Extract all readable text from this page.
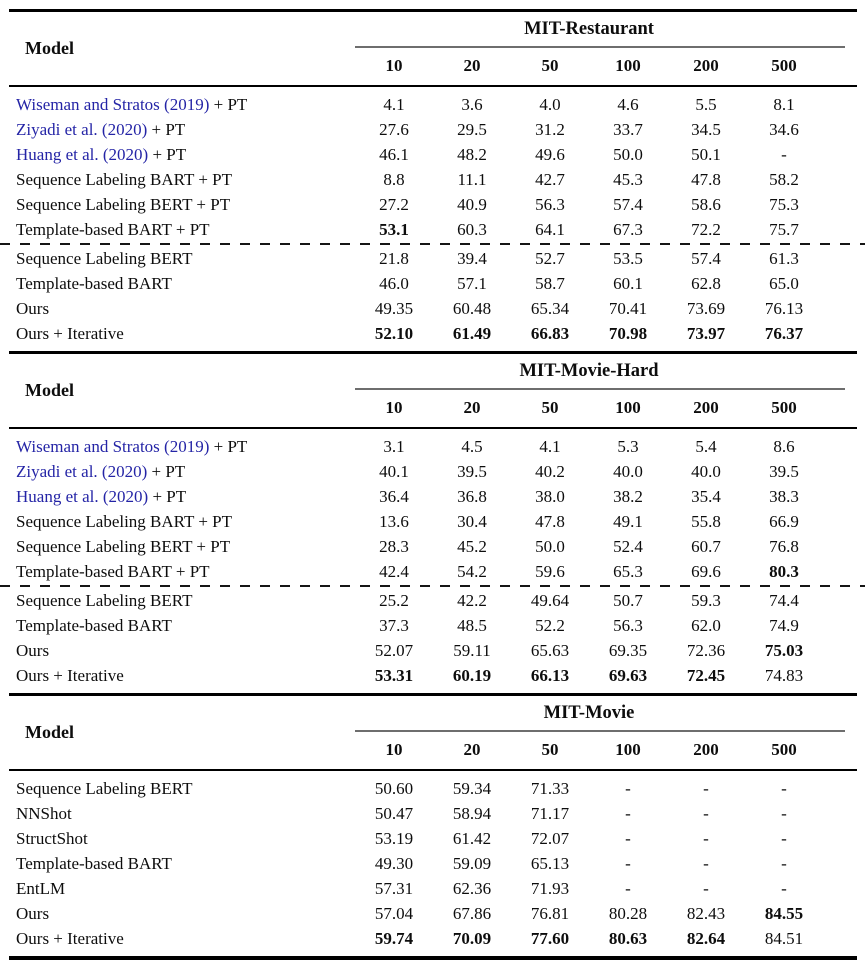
Model
MIT-Restaurant
10	20	50	100	200	500
Wiseman and Stratos (2019) + PT	4.1	3.6	4.0	4.6	5.5	8.1
Ziyadi et al. (2020) + PT	27.6	29.5	31.2	33.7	34.5	34.6
Huang et al. (2020) + PT	46.1	48.2	49.6	50.0	50.1	-
Sequence Labeling BART + PT	8.8	11.1	42.7	45.3	47.8	58.2
Sequence Labeling BERT + PT	27.2	40.9	56.3	57.4	58.6	75.3
Template-based BART + PT	53.1	60.3	64.1	67.3	72.2	75.7
Sequence Labeling BERT	21.8	39.4	52.7	53.5	57.4	61.3
Template-based BART	46.0	57.1	58.7	60.1	62.8	65.0
Ours	49.35	60.48	65.34	70.41	73.69	76.13
Ours + Iterative	52.10	61.49	66.83	70.98	73.97	76.37
Model
MIT-Movie-Hard
10	20	50	100	200	500
Wiseman and Stratos (2019) + PT	3.1	4.5	4.1	5.3	5.4	8.6
Ziyadi et al. (2020) + PT	40.1	39.5	40.2	40.0	40.0	39.5
Huang et al. (2020) + PT	36.4	36.8	38.0	38.2	35.4	38.3
Sequence Labeling BART + PT	13.6	30.4	47.8	49.1	55.8	66.9
Sequence Labeling BERT + PT	28.3	45.2	50.0	52.4	60.7	76.8
Template-based BART + PT	42.4	54.2	59.6	65.3	69.6	80.3
Sequence Labeling BERT	25.2	42.2	49.64	50.7	59.3	74.4
Template-based BART	37.3	48.5	52.2	56.3	62.0	74.9
Ours	52.07	59.11	65.63	69.35	72.36	75.03
Ours + Iterative	53.31	60.19	66.13	69.63	72.45	74.83
Model
MIT-Movie
10	20	50	100	200	500
Sequence Labeling BERT	50.60	59.34	71.33	-	-	-
NNShot	50.47	58.94	71.17	-	-	-
StructShot	53.19	61.42	72.07	-	-	-
Template-based BART	49.30	59.09	65.13	-	-	-
EntLM	57.31	62.36	71.93	-	-	-
Ours	57.04	67.86	76.81	80.28	82.43	84.55
Ours + Iterative	59.74	70.09	77.60	80.63	82.64	84.51
